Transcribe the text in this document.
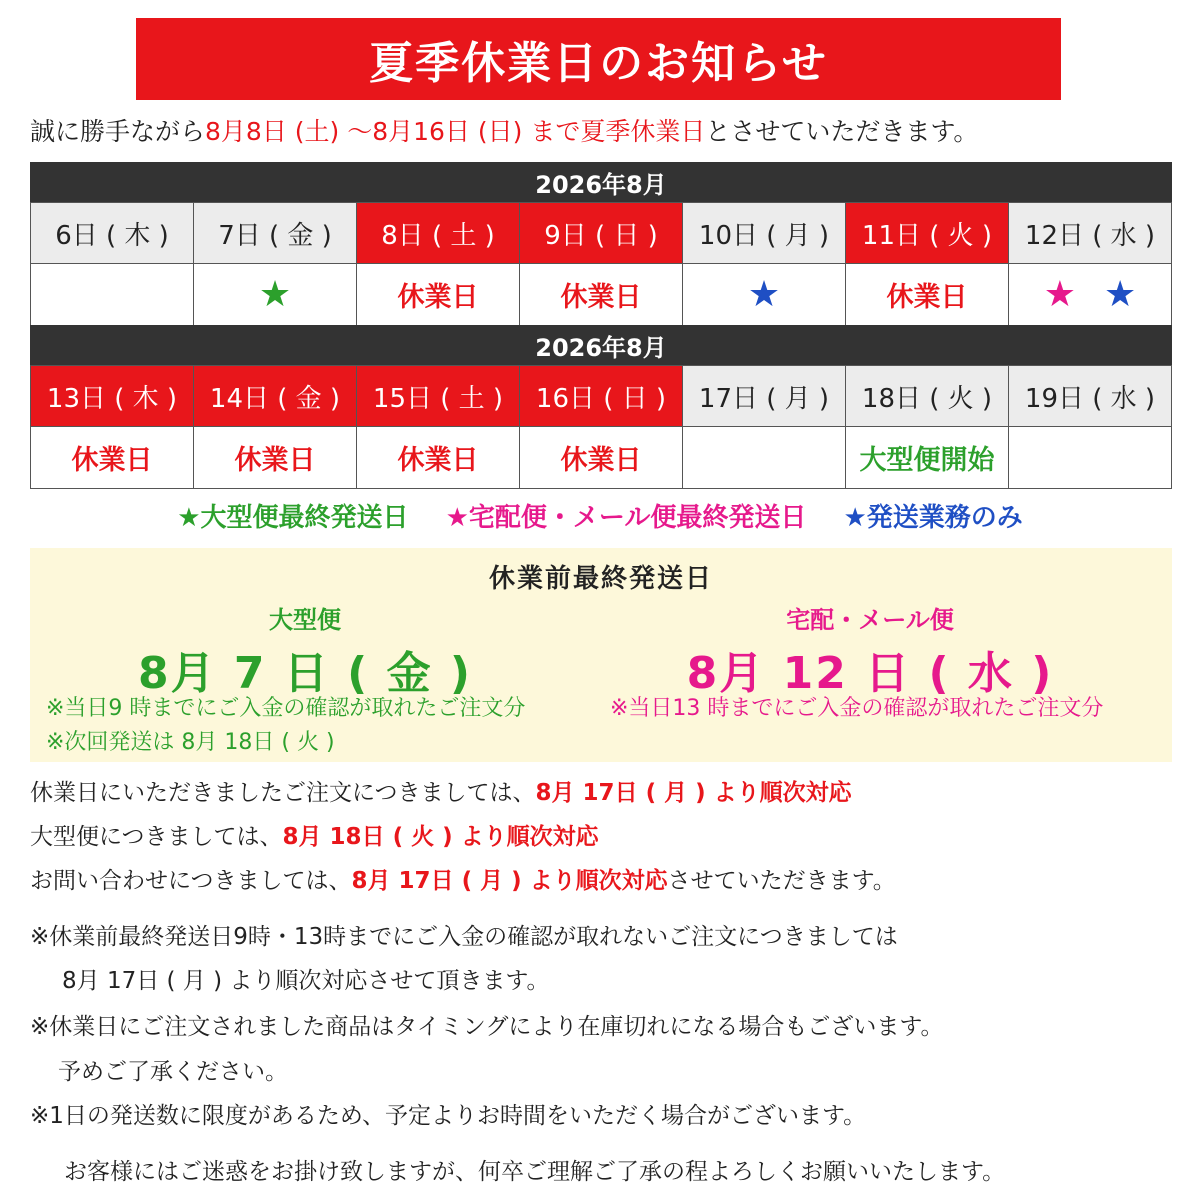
夏季休業日のお知らせ
誠に勝手ながら8月8日 (土) 〜8月16日 (日) まで夏季休業日とさせていただきます。
2026年8月
6日 ( 木 )	7日 ( 金 )	8日 ( 土 )	9日 ( 日 )	10日 ( 月 )	11日 ( 火 )	12日 ( 水 )
	★	休業日	休業日	★	休業日	★ ★
2026年8月
13日 ( 木 )	14日 ( 金 )	15日 ( 土 )	16日 ( 日 )	17日 ( 月 )	18日 ( 火 )	19日 ( 水 )
休業日	休業日	休業日	休業日		大型便開始	
★大型便最終発送日 ★宅配便・メール便最終発送日 ★発送業務のみ
休業前最終発送日
大型便
8月 7 日 ( 金 )
宅配・メール便
8月 12 日 ( 水 )
※当日9 時までにご入金の確認が取れたご注文分
※次回発送は 8月 18日 ( 火 )
※当日13 時までにご入金の確認が取れたご注文分
休業日にいただきましたご注文につきましては、8月 17日 ( 月 ) より順次対応
大型便につきましては、8月 18日 ( 火 ) より順次対応
お問い合わせにつきましては、8月 17日 ( 月 ) より順次対応させていただきます。
※休業前最終発送日9時・13時までにご入金の確認が取れないご注文につきましては
8月 17日 ( 月 ) より順次対応させて頂きます。
※休業日にご注文されました商品はタイミングにより在庫切れになる場合もございます。
予めご了承ください。
※1日の発送数に限度があるため、予定よりお時間をいただく場合がございます。
お客様にはご迷惑をお掛け致しますが、何卒ご理解ご了承の程よろしくお願いいたします。
